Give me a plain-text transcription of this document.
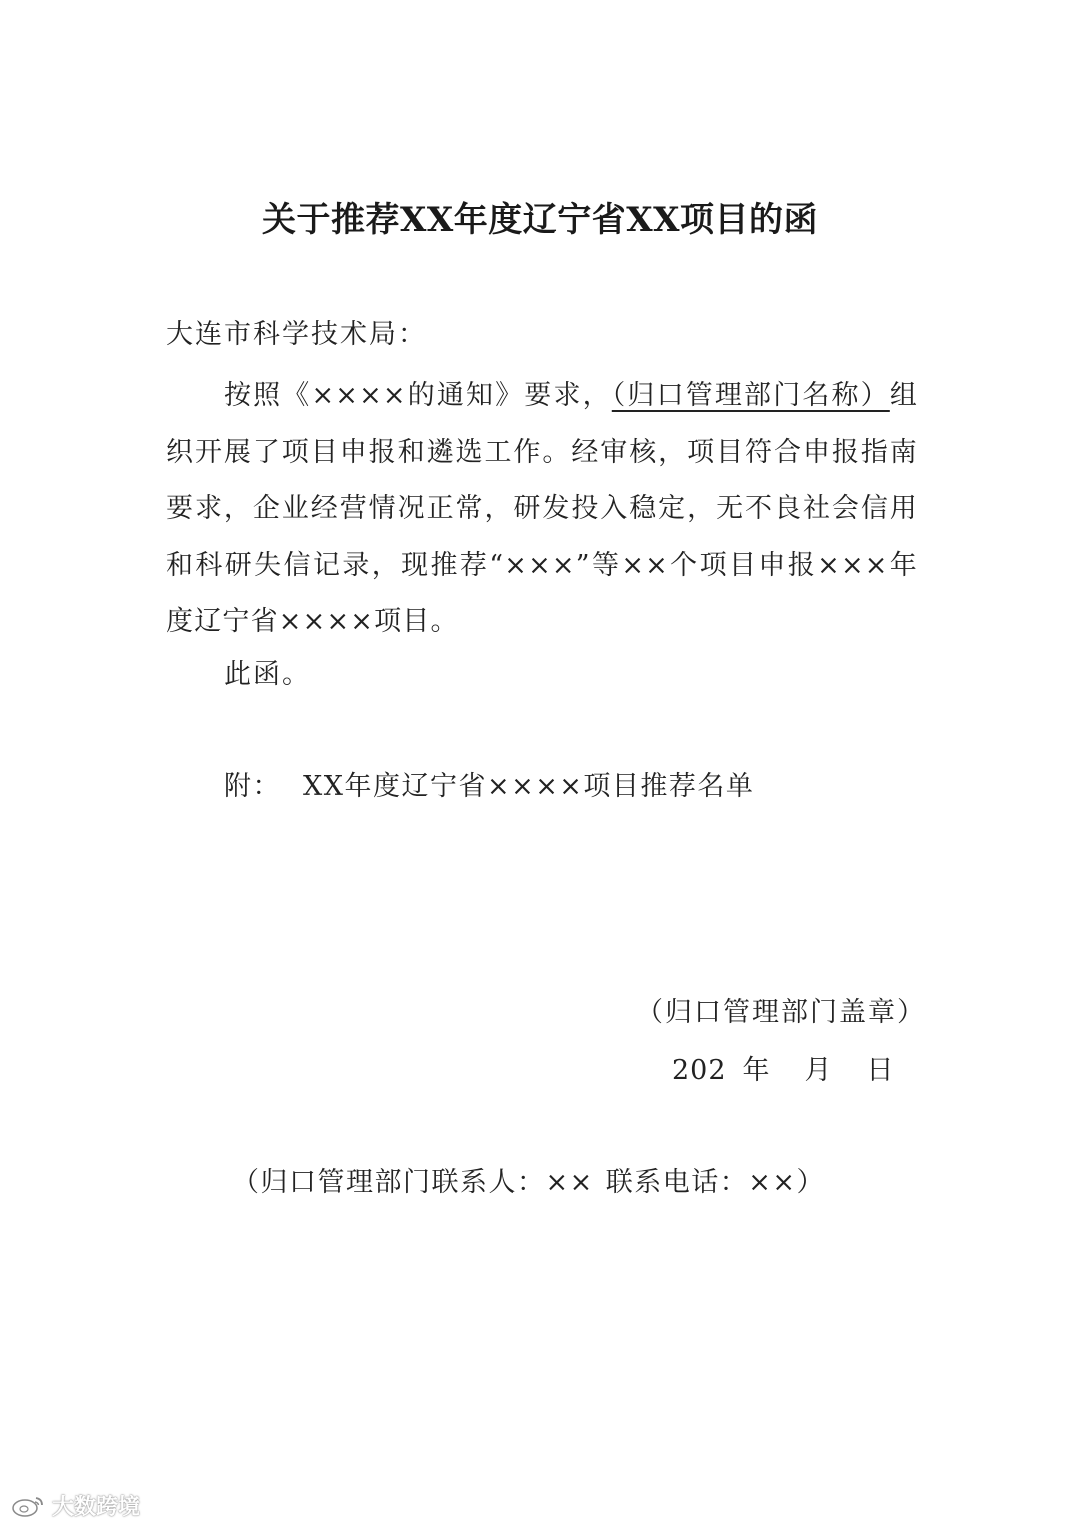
关于推荐XX年度辽宁省XX项目的函
大连市科学技术局：

按照《××××的通知》要求，（归口管理部门名称）组织开展了项目申报和遴选工作。经审核，项目符合申报指南要求，企业经营情况正常，研发投入稳定，无不良社会信用和科研失信记录，现推荐“×××”等××个项目申报×××年度辽宁省××××项目。

此函。
附： XX年度辽宁省××××项目推荐名单
（归口管理部门盖章）
202 年 月 日
（归口管理部门联系人：×× 联系电话：××）
大数跨境
